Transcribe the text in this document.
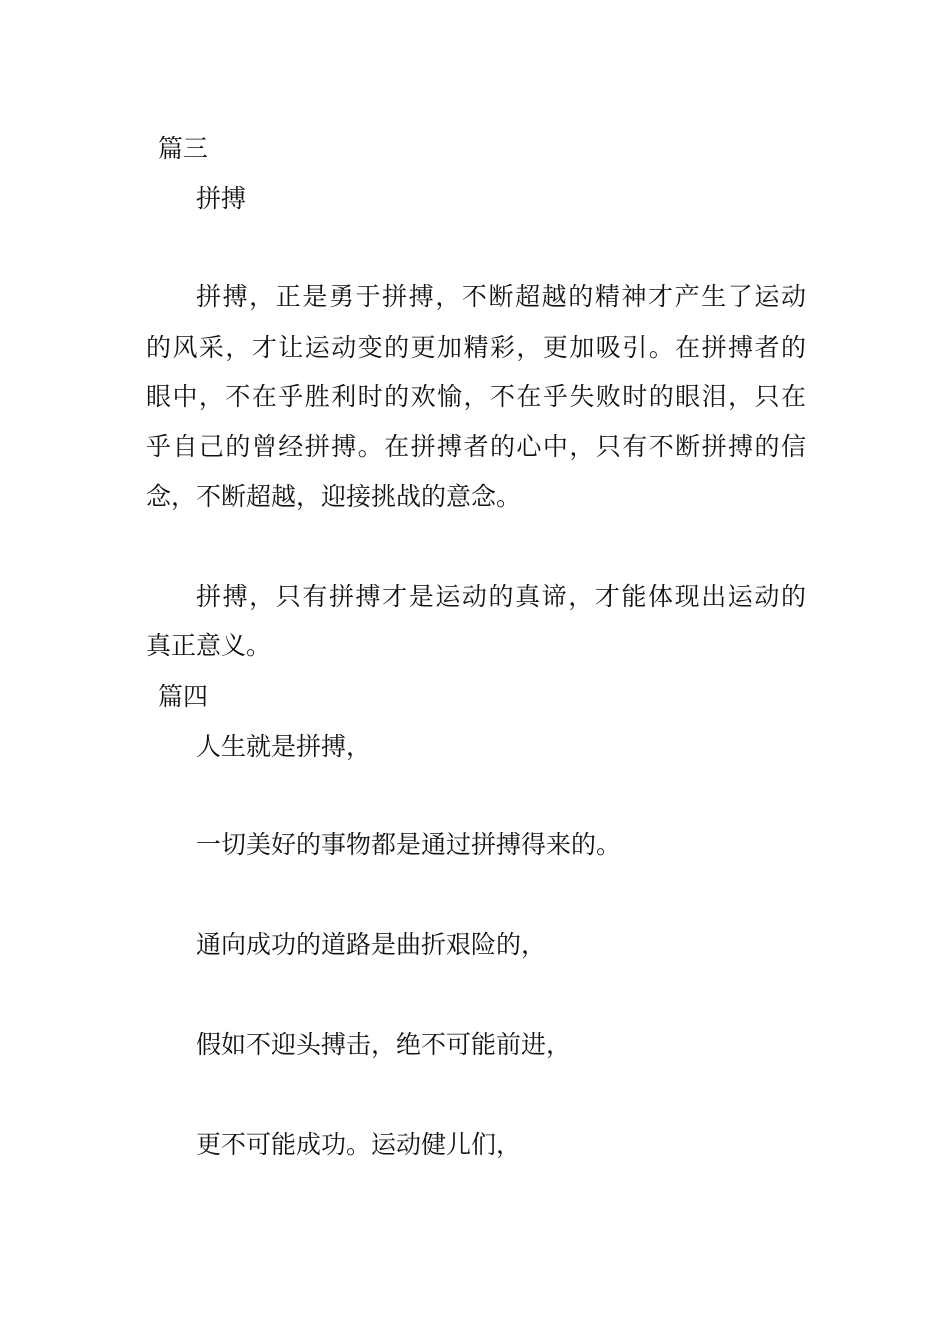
篇三
拼搏
拼搏，正是勇于拼搏，不断超越的精神才产生了运动
的风采，才让运动变的更加精彩，更加吸引。在拼搏者的
眼中，不在乎胜利时的欢愉，不在乎失败时的眼泪，只在
乎自己的曾经拼搏。在拼搏者的心中，只有不断拼搏的信
念，不断超越，迎接挑战的意念。
拼搏，只有拼搏才是运动的真谛，才能体现出运动的
真正意义。
篇四
人生就是拼搏，
一切美好的事物都是通过拼搏得来的。
通向成功的道路是曲折艰险的，
假如不迎头搏击，绝不可能前进，
更不可能成功。运动健儿们，
